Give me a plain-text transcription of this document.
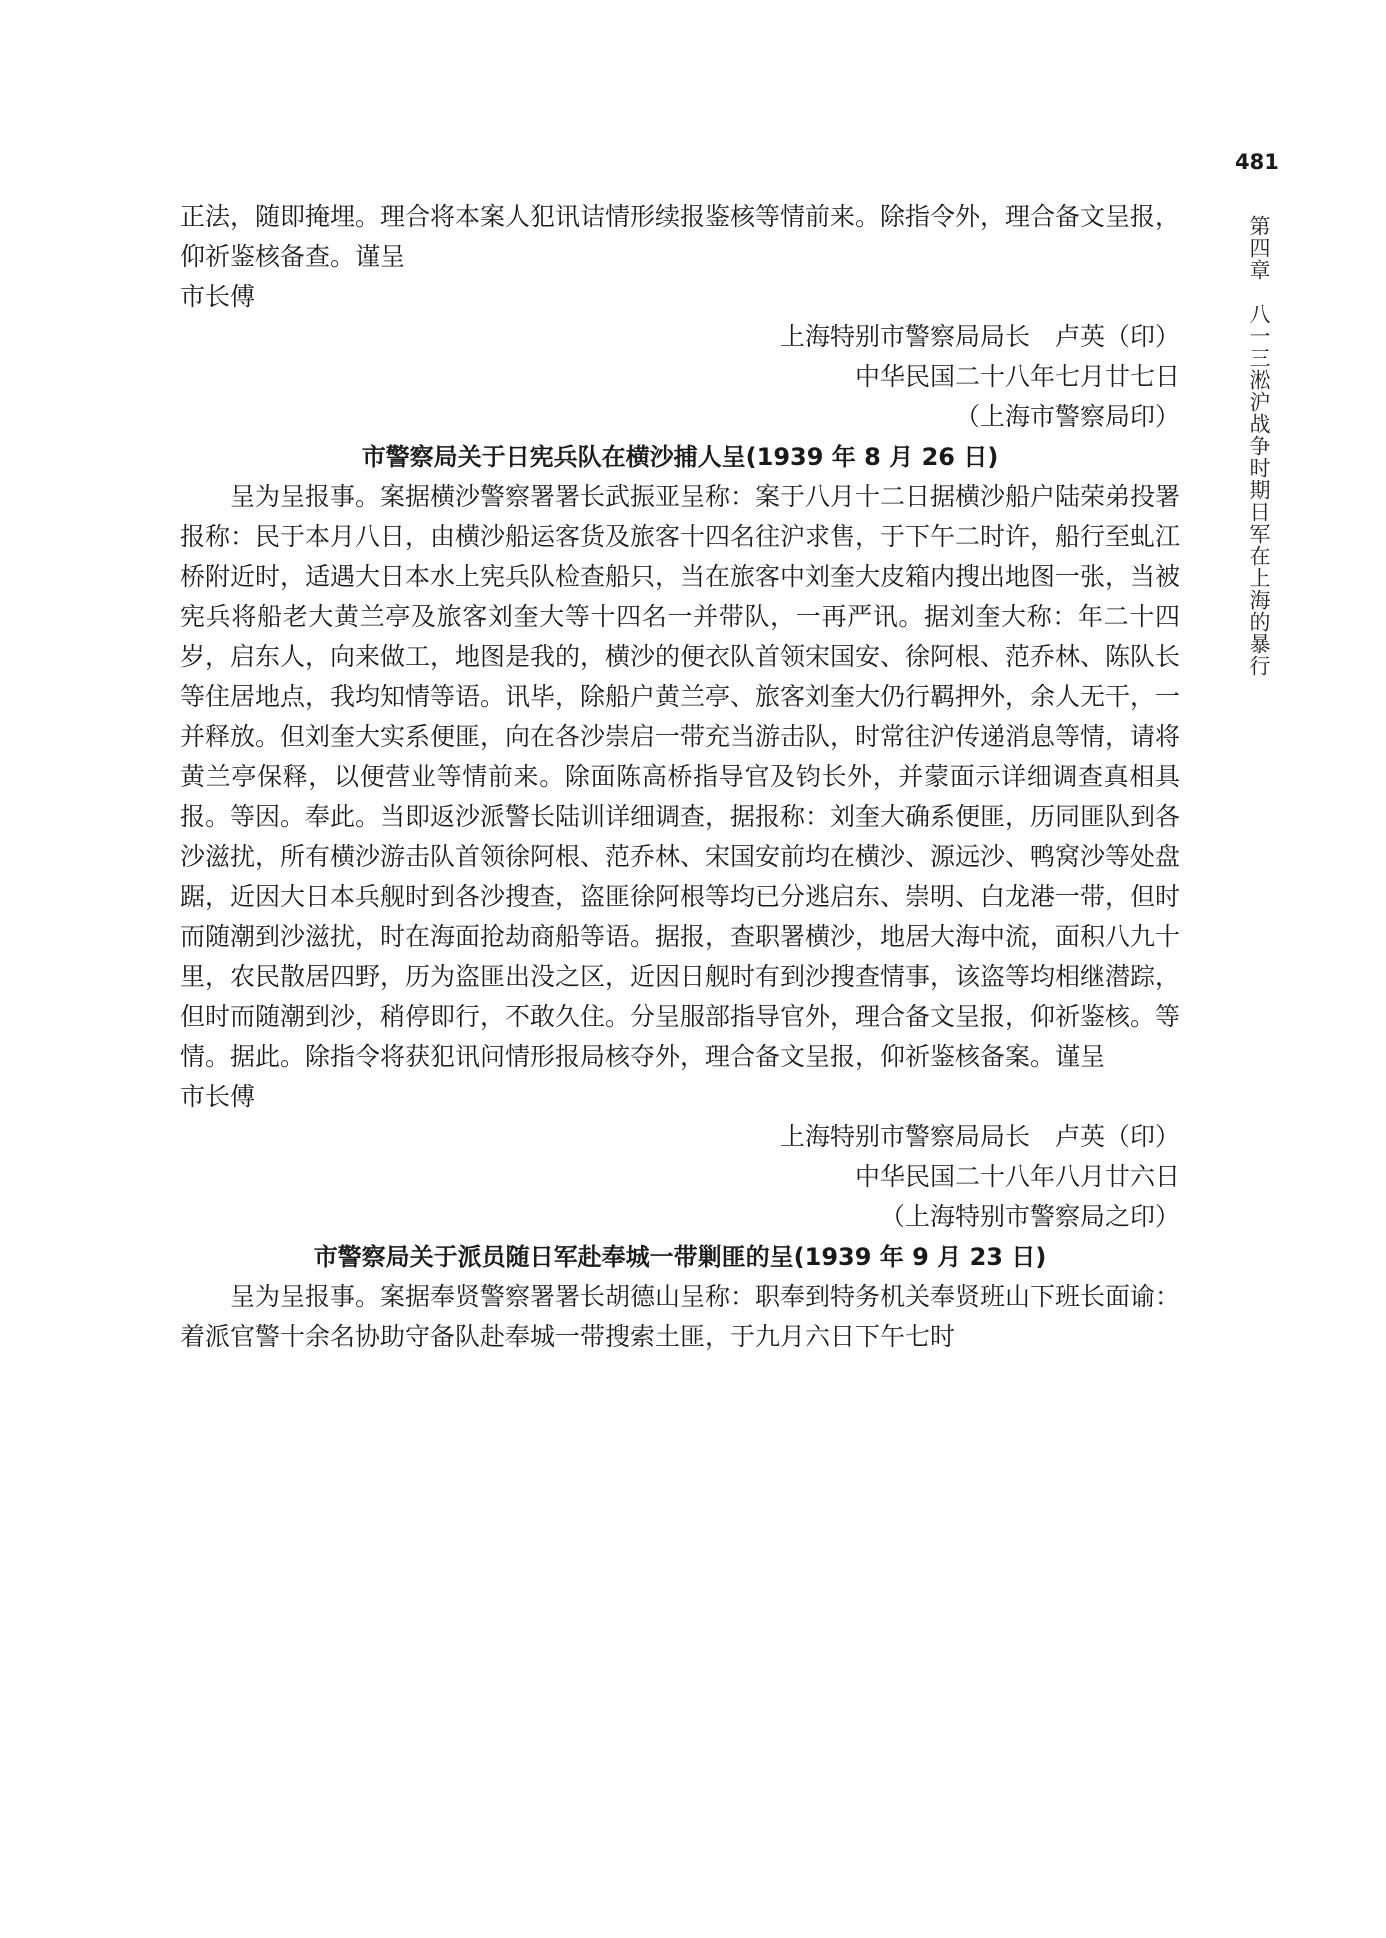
481
第四章　八一三淞沪战争时期日军在上海的暴行

正法，随即掩埋。理合将本案人犯讯诘情形续报鉴核等情前来。除指令外，理合备文呈报，仰祈鉴核备查。谨呈

市长傅

上海特别市警察局局长　卢英（印）

中华民国二十八年七月廿七日

（上海市警察局印）

市警察局关于日宪兵队在横沙捕人呈(1939 年 8 月 26 日)

呈为呈报事。案据横沙警察署署长武振亚呈称：案于八月十二日据横沙船户陆荣弟投署报称：民于本月八日，由横沙船运客货及旅客十四名往沪求售，于下午二时许，船行至虬江桥附近时，适遇大日本水上宪兵队检查船只，当在旅客中刘奎大皮箱内搜出地图一张，当被宪兵将船老大黄兰亭及旅客刘奎大等十四名一并带队，一再严讯。据刘奎大称：年二十四岁，启东人，向来做工，地图是我的，横沙的便衣队首领宋国安、徐阿根、范乔林、陈队长等住居地点，我均知情等语。讯毕，除船户黄兰亭、旅客刘奎大仍行羁押外，余人无干，一并释放。但刘奎大实系便匪，向在各沙崇启一带充当游击队，时常往沪传递消息等情，请将黄兰亭保释，以便营业等情前来。除面陈高桥指导官及钧长外，并蒙面示详细调查真相具报。等因。奉此。当即返沙派警长陆训详细调查，据报称：刘奎大确系便匪，历同匪队到各沙滋扰，所有横沙游击队首领徐阿根、范乔林、宋国安前均在横沙、源远沙、鸭窝沙等处盘踞，近因大日本兵舰时到各沙搜查，盗匪徐阿根等均已分逃启东、崇明、白龙港一带，但时而随潮到沙滋扰，时在海面抢劫商船等语。据报，查职署横沙，地居大海中流，面积八九十里，农民散居四野，历为盗匪出没之区，近因日舰时有到沙搜查情事，该盗等均相继潜踪，但时而随潮到沙，稍停即行，不敢久住。分呈服部指导官外，理合备文呈报，仰祈鉴核。等情。据此。除指令将获犯讯问情形报局核夺外，理合备文呈报，仰祈鉴核备案。谨呈

市长傅

上海特别市警察局局长　卢英（印）

中华民国二十八年八月廿六日

（上海特别市警察局之印）

市警察局关于派员随日军赴奉城一带剿匪的呈(1939 年 9 月 23 日)

呈为呈报事。案据奉贤警察署署长胡德山呈称：职奉到特务机关奉贤班山下班长面谕：着派官警十余名协助守备队赴奉城一带搜索土匪，于九月六日下午七时
